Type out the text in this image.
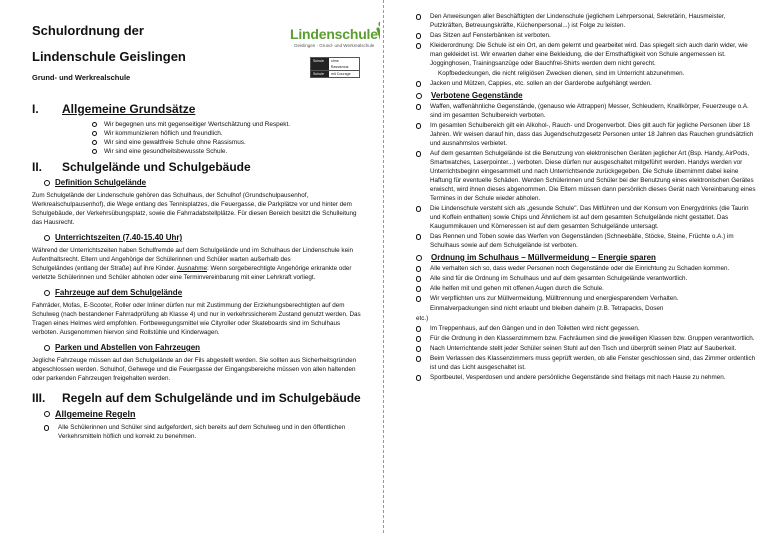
Schulordnung der
Lindenschule Geislingen
Grund- und Werkrealschule
Lindenschule
Geislingen · Grund- und Werkrealschule
Schule	ohne Rassismus
Schule	mit Courage
I.	Allgemeine Grundsätze
Wir begegnen uns mit gegenseitiger Wertschätzung und Respekt.
Wir kommunizieren höflich und freundlich.
Wir sind eine gewaltfreie Schule ohne Rassismus.
Wir sind eine gesundheitsbewusste Schule.
II.	Schulgelände und Schulgebäude
Definition Schulgelände

Zum Schulgelände der Lindenschule gehören das Schulhaus, der Schulhof (Grundschulpausenhof, Werkrealschulpausenhof), die Wege entlang des Tennisplatzes, die Feuergasse, die Parkplätze vor und hinter dem Schulgebäude, der Verkehrsübungsplatz, sowie die Fahrradabstellplätze. Für diesen Bereich besitzt die Schulleitung das Hausrecht.

Unterrichtszeiten (7.40-15.40 Uhr)

Während der Unterrichtszeiten haben Schulfremde auf dem Schulgelände und im Schulhaus der Lindenschule kein Aufenthaltsrecht. Eltern und Angehörige der Schülerinnen und Schüler warten außerhalb des

Schulgeländes (entlang der Straße) auf ihre Kinder. Ausnahme: Wenn sorgeberechtigte Angehörige erkrankte oder verletzte Schülerinnen und Schüler abholen oder eine Terminvereinbarung mit einer Lehrkraft vorliegt.

Fahrzeuge auf dem Schulgelände

Fahrräder, Mofas, E-Scooter, Roller oder Inliner dürfen nur mit Zustimmung der Erziehungsberechtigten auf dem Schulweg (nach bestandener Fahrradprüfung ab Klasse 4) und nur in verkehrssicherem Zustand genutzt werden. Das Tragen eines Helmes wird empfohlen. Fortbewegungsmittel wie Cityroller oder Skateboards sind im Schulhaus verboten. Ausgenommen hiervon sind Rollstühle und Kinderwagen.

Parken und Abstellen von Fahrzeugen

Jegliche Fahrzeuge müssen auf den Schulgelände an der Fils abgestellt werden. Sie sollten aus Sicherheitsgründen abgeschlossen werden. Schulhof, Gehwege und die Feuergasse der Eingangsbereiche müssen von allen haltenden oder parkenden Fahrzeugen freigehalten werden.

III.	Regeln auf dem Schulgelände und im Schulgebäude
Allgemeine Regeln
Alle Schülerinnen und Schüler sind aufgefordert, sich bereits auf dem Schulweg und in den öffentlichen Verkehrsmitteln höflich und korrekt zu benehmen.
Den Anweisungen aller Beschäftigten der Lindenschule (jeglichem Lehrpersonal, Sekretärin, Hausmeister, Putzkräften, Betreuungskräfte, Küchenpersonal...) ist Folge zu leisten.
Das Sitzen auf Fensterbänken ist verboten.
Kleiderordnung: Die Schule ist ein Ort, an dem gelernt und gearbeitet wird. Das spiegelt sich auch darin wider, wie man gekleidet ist. Wir erwarten daher eine Bekleidung, die der Ernsthaftigkeit von Schule angemessen ist. Jogginghosen, Trainingsanzüge oder Bauchfrei-Shirts werden dem nicht gerecht.
Kopfbedeckungen, die nicht religiösen Zwecken dienen, sind im Unterricht abzunehmen.
Jacken und Mützen, Cappies, etc. sollen an der Garderobe aufgehängt werden.
Verbotene Gegenstände
Waffen, waffenähnliche Gegenstände, (genauso wie Attrappen) Messer, Schleudern, Knallkörper, Feuerzeuge o.A. sind im gesamten Schulbereich verboten.
Im gesamten Schulbereich gilt ein Alkohol-, Rauch- und Drogenverbot. Dies gilt auch für jegliche Personen über 18 Jahren. Wir weisen darauf hin, dass das Jugendschutzgesetz Personen unter 18 Jahren das Rauchen grundsätzlich und ausnahmslos verbietet.
Auf dem gesamten Schulgelände ist die Benutzung von elektronischen Geräten jeglicher Art (Bsp. Handy, AirPods, Smartwatches, Laserpointer...) verboten. Diese dürfen nur ausgeschaltet mitgeführt werden. Handys werden vor Unterrichtsbeginn eingesammelt und nach Unterrichtsende zurückgegeben. Die Schule übernimmt dabei keine Haftung für eventuelle Schäden. Werden Schülerinnen und Schüler bei der Benutzung eines elektronischen Gerätes erwischt, wird ihnen dieses abgenommen. Die Eltern müssen dann persönlich dieses Gerät nach Vereinbarung eines Termines in der Schule wieder abholen.
Die Lindenschule versteht sich als „gesunde Schule". Das Mitführen und der Konsum von Energydrinks (die Taurin und Koffein enthalten) sowie Chips und Ähnlichem ist auf dem gesamten Schulgelände nicht gestattet. Das Kaugummikauen und Körneressen ist auf dem gesamten Schulgelände untersagt.
Das Rennen und Toben sowie das Werfen von Gegenständen (Schneebälle, Stöcke, Steine, Früchte o.A.) im Schulhaus sowie auf dem Schulgelände ist verboten.
Ordnung im Schulhaus – Müllvermeidung – Energie sparen
Alle verhalten sich so, dass weder Personen noch Gegenstände oder die Einrichtung zu Schaden kommen.
Alle sind für die Ordnung im Schulhaus und auf dem gesamten Schulgelände verantwortlich.
Alle helfen mit und gehen mit offenen Augen durch die Schule.
Wir verpflichten uns zur Müllvermeidung, Mülltrennung und energiesparendem Verhalten.
Einmalverpackungen sind nicht erlaubt und bleiben daheim (z.B. Tetrapacks, Dosen
etc.)
Im Treppenhaus, auf den Gängen und in den Toiletten wird nicht gegessen.
Für die Ordnung in den Klassenzimmern bzw. Fachräumen sind die jeweiligen Klassen bzw. Gruppen verantwortlich.
Nach Unterrichtende stellt jeder Schüler seinen Stuhl auf den Tisch und überprüft seinen Platz auf Sauberkeit.
Beim Verlassen des Klassenzimmers muss geprüft werden, ob alle Fenster geschlossen sind, das Zimmer ordentlich ist und das Licht ausgeschaltet ist.
Sportbeutel, Vesperdosen und andere persönliche Gegenstände sind freitags mit nach Hause zu nehmen.
